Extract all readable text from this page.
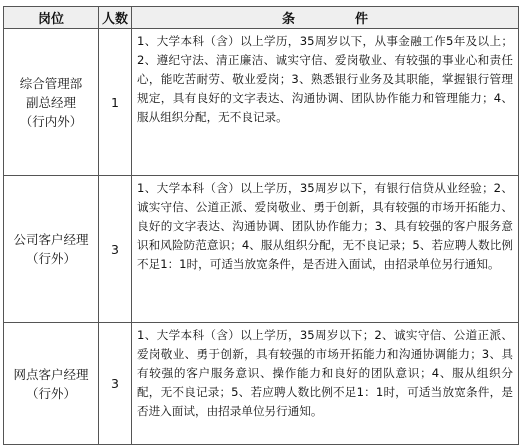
岗位	人数	条 件

综合管理部
副总经理
（行内外）	1	1、大学本科（含）以上学历，35周岁以下，从事金融工作5年及以上；2、遵纪守法、清正廉洁、诚实守信、爱岗敬业、有较强的事业心和责任心，能吃苦耐劳、敬业爱岗；3、熟悉银行业务及其职能，掌握银行管理规定，具有良好的文字表达、沟通协调、团队协作能力和管理能力；4、服从组织分配，无不良记录。

公司客户经理
（行外）	3	1、大学本科（含）以上学历，35周岁以下，有银行信贷从业经验；2、诚实守信、公道正派、爱岗敬业、勇于创新，具有较强的市场开拓能力、良好的文字表达、沟通协调、团队协作能力；3、具有较强的客户服务意识和风险防范意识；4、服从组织分配，无不良记录；5、若应聘人数比例不足1：1时，可适当放宽条件，是否进入面试，由招录单位另行通知。

网点客户经理
（行外）	3	1、大学本科（含）以上学历，35周岁以下；2、诚实守信、公道正派、爱岗敬业、勇于创新，具有较强的市场开拓能力和沟通协调能力；3、具有较强的客户服务意识、操作能力和良好的团队意识；4、服从组织分配，无不良记录；5、若应聘人数比例不足1：1时，可适当放宽条件，是否进入面试，由招录单位另行通知。
